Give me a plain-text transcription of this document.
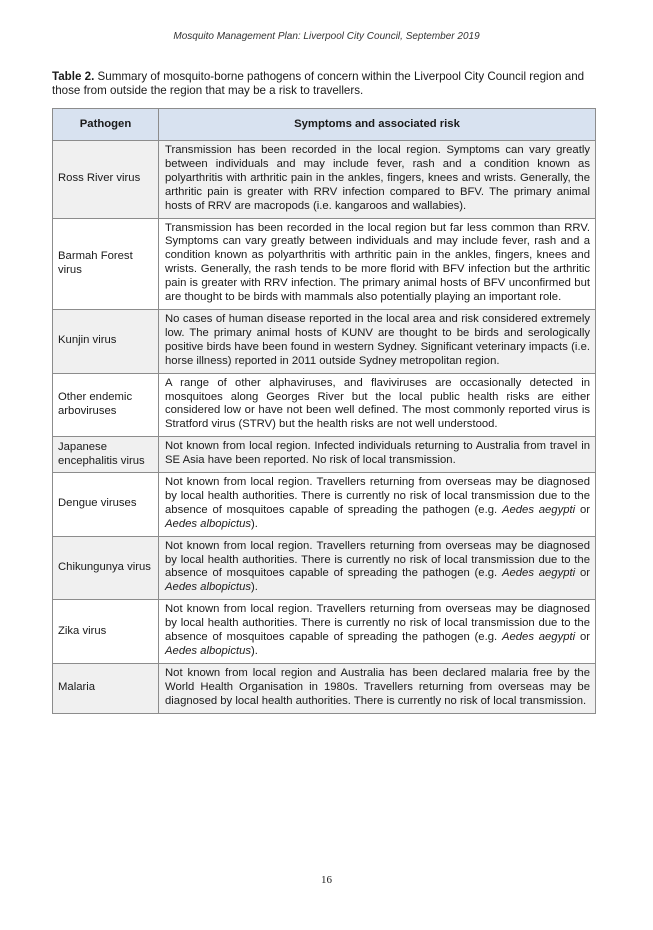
Mosquito Management Plan: Liverpool City Council, September 2019
Table 2. Summary of mosquito-borne pathogens of concern within the Liverpool City Council region and those from outside the region that may be a risk to travellers.
Pathogen	Symptoms and associated risk
Ross River virus	Transmission has been recorded in the local region. Symptoms can vary greatly between individuals and may include fever, rash and a condition known as polyarthritis with arthritic pain in the ankles, fingers, knees and wrists. Generally, the arthritic pain is greater with RRV infection compared to BFV. The primary animal hosts of RRV are macropods (i.e. kangaroos and wallabies).
Barmah Forest virus	Transmission has been recorded in the local region but far less common than RRV. Symptoms can vary greatly between individuals and may include fever, rash and a condition known as polyarthritis with arthritic pain in the ankles, fingers, knees and wrists. Generally, the rash tends to be more florid with BFV infection but the arthritic pain is greater with RRV infection. The primary animal hosts of BFV unconfirmed but are thought to be birds with mammals also potentially playing an important role.
Kunjin virus	No cases of human disease reported in the local area and risk considered extremely low. The primary animal hosts of KUNV are thought to be birds and serologically positive birds have been found in western Sydney. Significant veterinary impacts (i.e. horse illness) reported in 2011 outside Sydney metropolitan region.
Other endemic arboviruses	A range of other alphaviruses, and flaviviruses are occasionally detected in mosquitoes along Georges River but the local public health risks are either considered low or have not been well defined. The most commonly reported virus is Stratford virus (STRV) but the health risks are not well understood.
Japanese encephalitis virus	Not known from local region. Infected individuals returning to Australia from travel in SE Asia have been reported. No risk of local transmission.
Dengue viruses	Not known from local region. Travellers returning from overseas may be diagnosed by local health authorities. There is currently no risk of local transmission due to the absence of mosquitoes capable of spreading the pathogen (e.g. Aedes aegypti or Aedes albopictus).
Chikungunya virus	Not known from local region. Travellers returning from overseas may be diagnosed by local health authorities. There is currently no risk of local transmission due to the absence of mosquitoes capable of spreading the pathogen (e.g. Aedes aegypti or Aedes albopictus).
Zika virus	Not known from local region. Travellers returning from overseas may be diagnosed by local health authorities. There is currently no risk of local transmission due to the absence of mosquitoes capable of spreading the pathogen (e.g. Aedes aegypti or Aedes albopictus).
Malaria	Not known from local region and Australia has been declared malaria free by the World Health Organisation in 1980s. Travellers returning from overseas may be diagnosed by local health authorities. There is currently no risk of local transmission.
16
